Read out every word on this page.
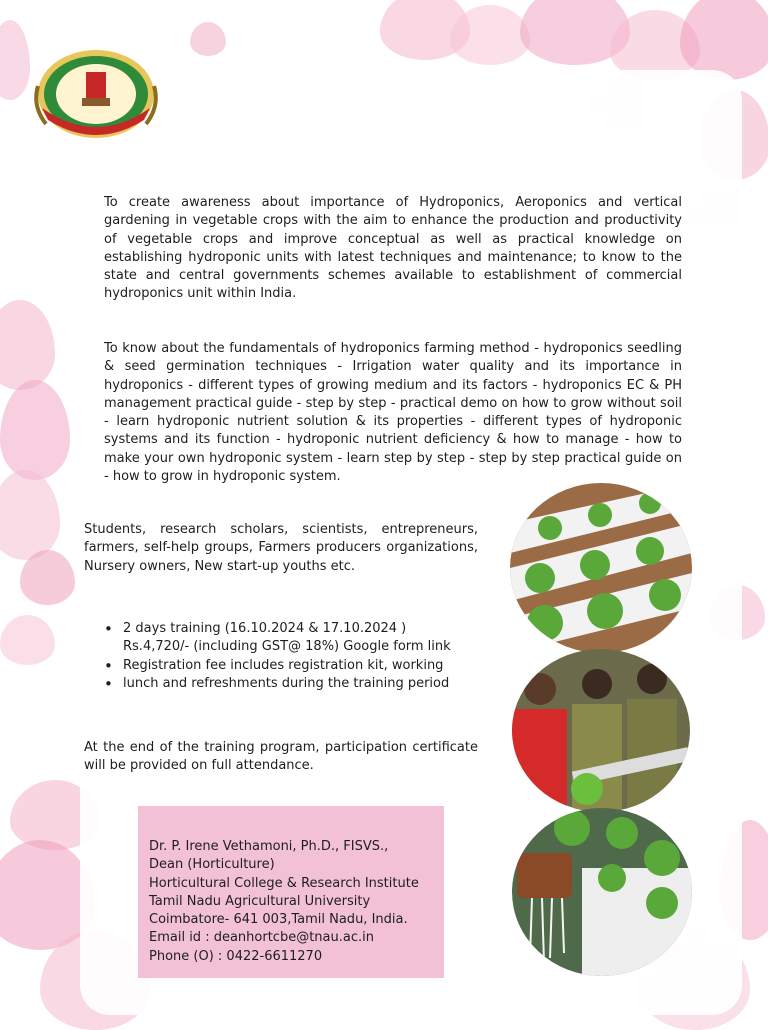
To create awareness about importance of Hydroponics, Aeroponics and vertical gardening in vegetable crops with the aim to enhance the production and productivity of vegetable crops and improve conceptual as well as practical knowledge on establishing hydroponic units with latest techniques and maintenance; to know to the state and central governments schemes available to establishment of commercial hydroponics unit within India.

To know about the fundamentals of hydroponics farming method - hydroponics seedling & seed germination techniques - Irrigation water quality and its importance in hydroponics - different types of growing medium and its factors - hydroponics EC & PH management practical guide - step by step - practical demo on how to grow without soil - learn hydroponic nutrient solution & its properties - different types of hydroponic systems and its function - hydroponic nutrient deficiency & how to manage - how to make your own hydroponic system - learn step by step - step by step practical guide on - how to grow in hydroponic system.

Students, research scholars, scientists, entrepreneurs, farmers, self-help groups, Farmers producers organizations, Nursery owners, New start-up youths etc.

• 2 days training (16.10.2024 & 17.10.2024 )
Rs.4,720/- (including GST@ 18%) Google form link
• Registration fee includes registration kit, working
• lunch and refreshments during the training period

At the end of the training program, participation certificate will be provided on full attendance.

Dr. P. Irene Vethamoni, Ph.D., FISVS.,
Dean (Horticulture)
Horticultural College & Research Institute
Tamil Nadu Agricultural University
Coimbatore- 641 003,Tamil Nadu, India.
Email id : deanhortcbe@tnau.ac.in
Phone (O) : 0422-6611270
